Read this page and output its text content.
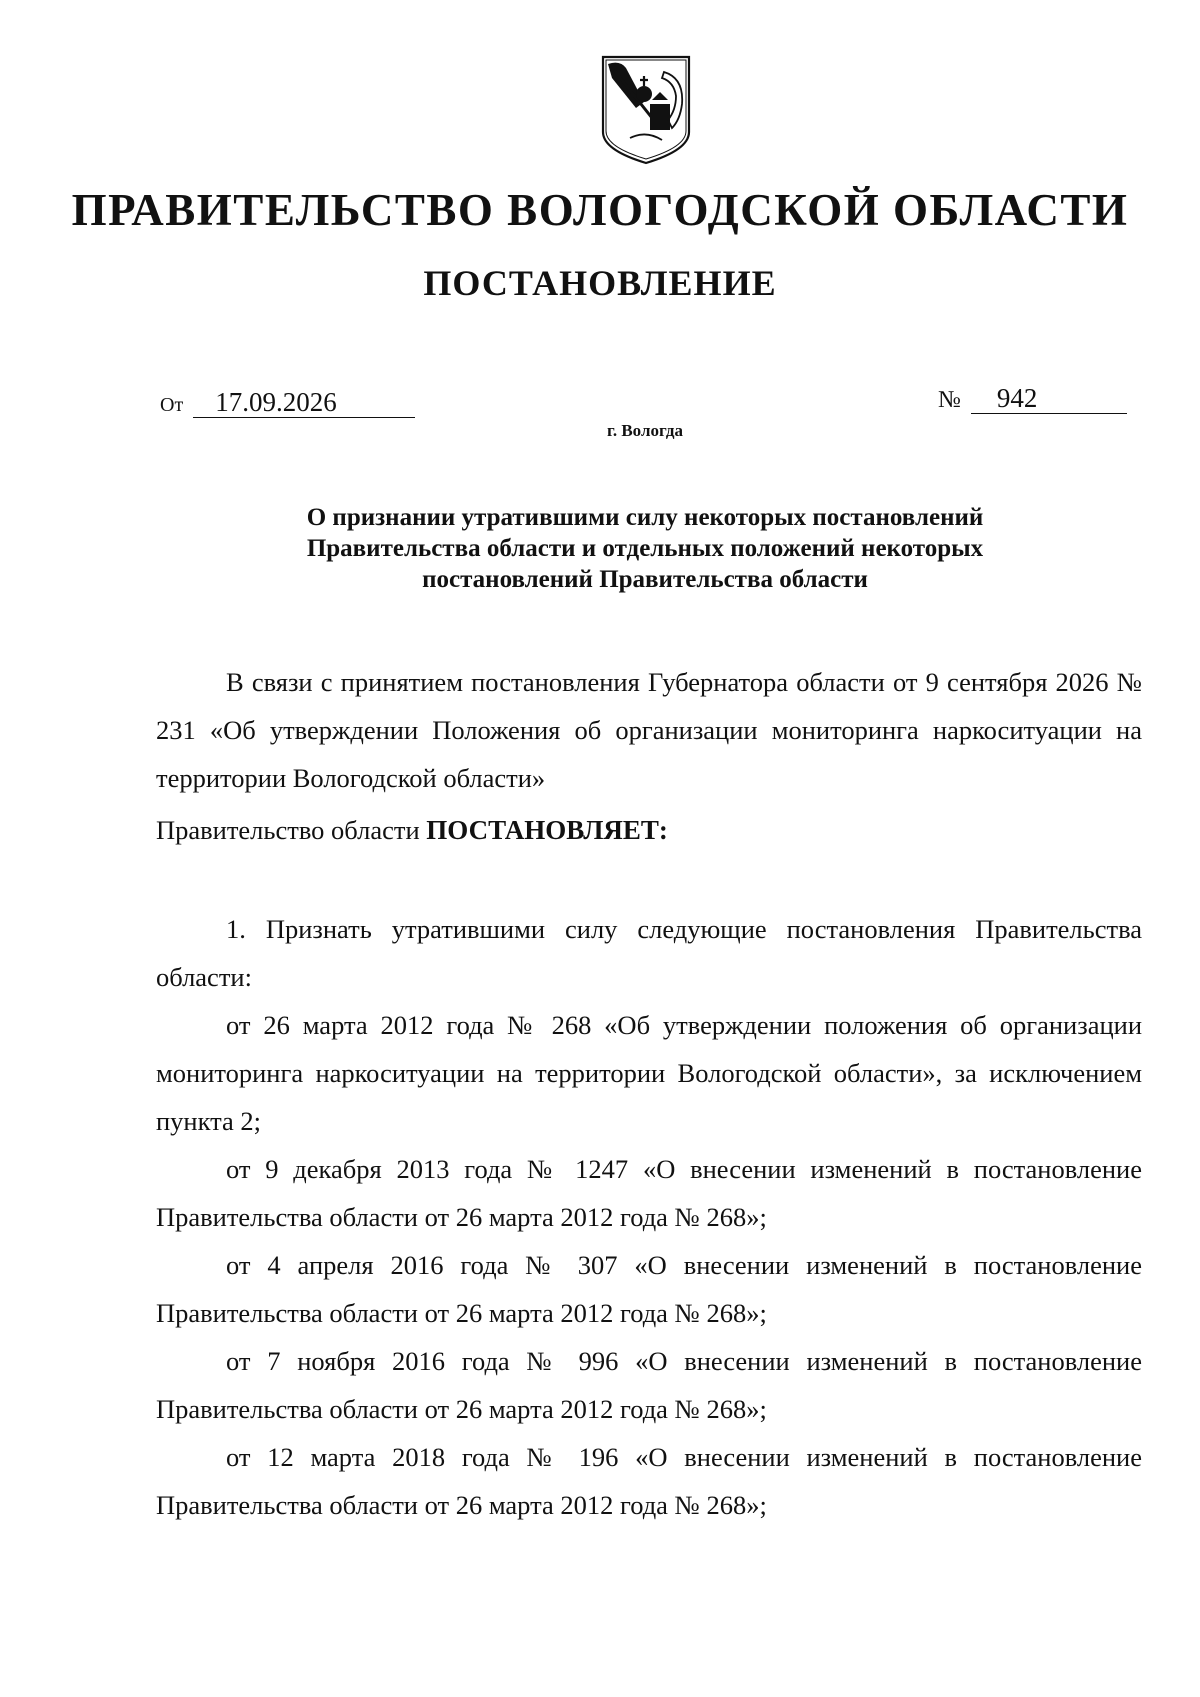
ПРАВИТЕЛЬСТВО ВОЛОГОДСКОЙ ОБЛАСТИ
ПОСТАНОВЛЕНИЕ
От 17.09.2026	№ 942
г. Вологда
О признании утратившими силу некоторых постановлений
Правительства области и отдельных положений некоторых
постановлений Правительства области

В связи с принятием постановления Губернатора области от 9 сентября 2026 № 231 «Об утверждении Положения об организации мониторинга наркоситуации на территории Вологодской области»

Правительство области ПОСТАНОВЛЯЕТ:

1. Признать утратившими силу следующие постановления Правительства области:

от 26 марта 2012 года № 268 «Об утверждении положения об организации мониторинга наркоситуации на территории Вологодской области», за исключением пункта 2;

от 9 декабря 2013 года № 1247 «О внесении изменений в постановление Правительства области от 26 марта 2012 года № 268»;

от 4 апреля 2016 года № 307 «О внесении изменений в постановление Правительства области от 26 марта 2012 года № 268»;

от 7 ноября 2016 года № 996 «О внесении изменений в постановление Правительства области от 26 марта 2012 года № 268»;

от 12 марта 2018 года № 196 «О внесении изменений в постановление Правительства области от 26 марта 2012 года № 268»;
